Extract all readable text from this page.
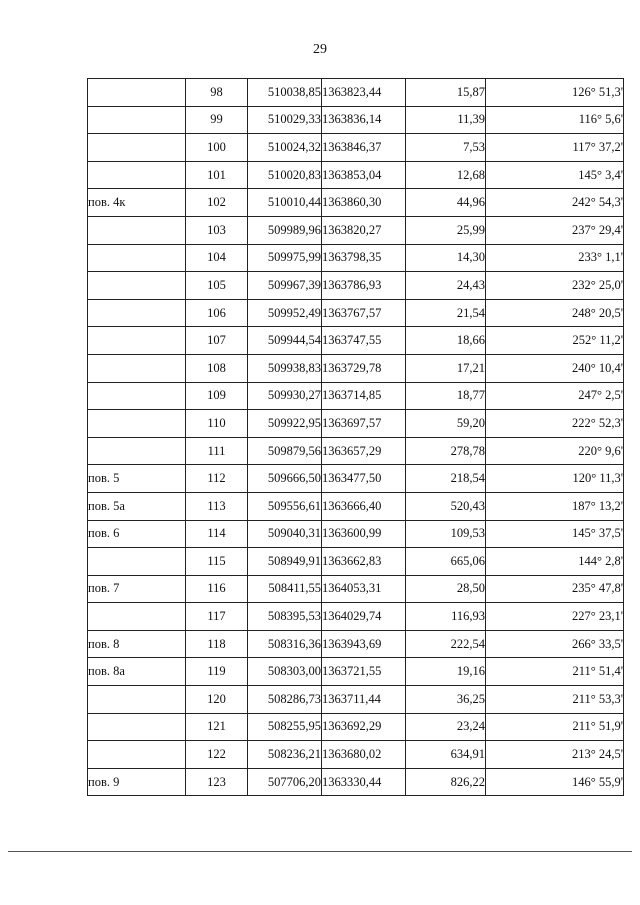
29
	98	510038,85	1363823,44	15,87	126° 51,3'
	99	510029,33	1363836,14	11,39	116° 5,6'
	100	510024,32	1363846,37	7,53	117° 37,2'
	101	510020,83	1363853,04	12,68	145° 3,4'
пов. 4к	102	510010,44	1363860,30	44,96	242° 54,3'
	103	509989,96	1363820,27	25,99	237° 29,4'
	104	509975,99	1363798,35	14,30	233° 1,1'
	105	509967,39	1363786,93	24,43	232° 25,0'
	106	509952,49	1363767,57	21,54	248° 20,5'
	107	509944,54	1363747,55	18,66	252° 11,2'
	108	509938,83	1363729,78	17,21	240° 10,4'
	109	509930,27	1363714,85	18,77	247° 2,5'
	110	509922,95	1363697,57	59,20	222° 52,3'
	111	509879,56	1363657,29	278,78	220° 9,6'
пов. 5	112	509666,50	1363477,50	218,54	120° 11,3'
пов. 5а	113	509556,61	1363666,40	520,43	187° 13,2'
пов. 6	114	509040,31	1363600,99	109,53	145° 37,5'
	115	508949,91	1363662,83	665,06	144° 2,8'
пов. 7	116	508411,55	1364053,31	28,50	235° 47,8'
	117	508395,53	1364029,74	116,93	227° 23,1'
пов. 8	118	508316,36	1363943,69	222,54	266° 33,5'
пов. 8а	119	508303,00	1363721,55	19,16	211° 51,4'
	120	508286,73	1363711,44	36,25	211° 53,3'
	121	508255,95	1363692,29	23,24	211° 51,9'
	122	508236,21	1363680,02	634,91	213° 24,5'
пов. 9	123	507706,20	1363330,44	826,22	146° 55,9'
